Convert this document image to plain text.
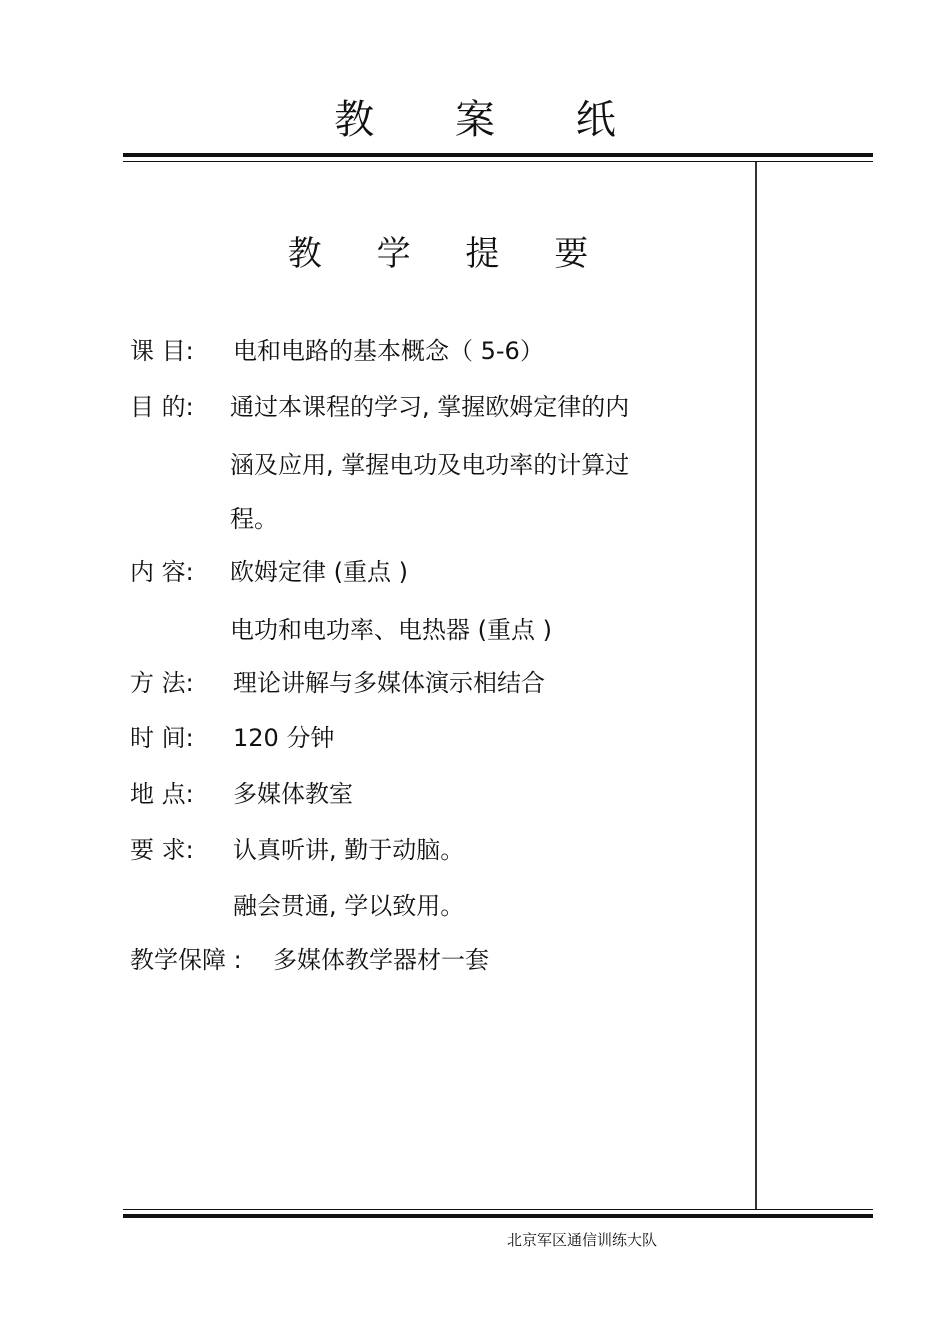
教 案 纸
教 学 提 要
课 目: 电和电路的基本概念（ 5-6）
目 的: 通过本课程的学习, 掌握欧姆定律的内
涵及应用, 掌握电功及电功率的计算过
程。
内 容: 欧姆定律 (重点 )
电功和电功率、电热器 (重点 )
方 法: 理论讲解与多媒体演示相结合
时 间: 120 分钟
地 点: 多媒体教室
要 求: 认真听讲, 勤于动脑。
融会贯通, 学以致用。
教学保障 : 多媒体教学器材一套
北京军区通信训练大队
